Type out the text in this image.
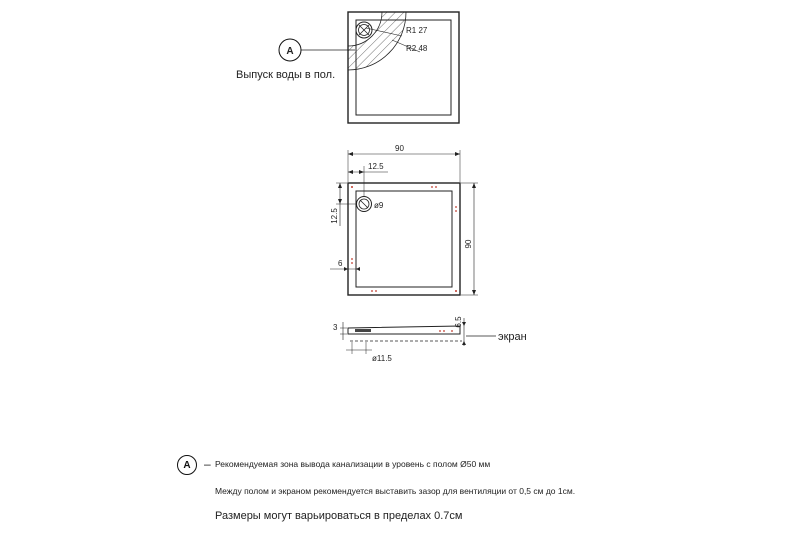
R1 27
R2 48
A
Выпуск воды в пол.
ø9
90
12.5
90
12.5
6
3	6.5
экран
ø11.5
A	– Рекомендуемая зона вывода канализации в уровень с полом Ø50 мм
Между полом и экраном рекомендуется выставить зазор для вентиляции от 0,5 см до 1см.
Размеры могут варьироваться в пределах 0.7см
